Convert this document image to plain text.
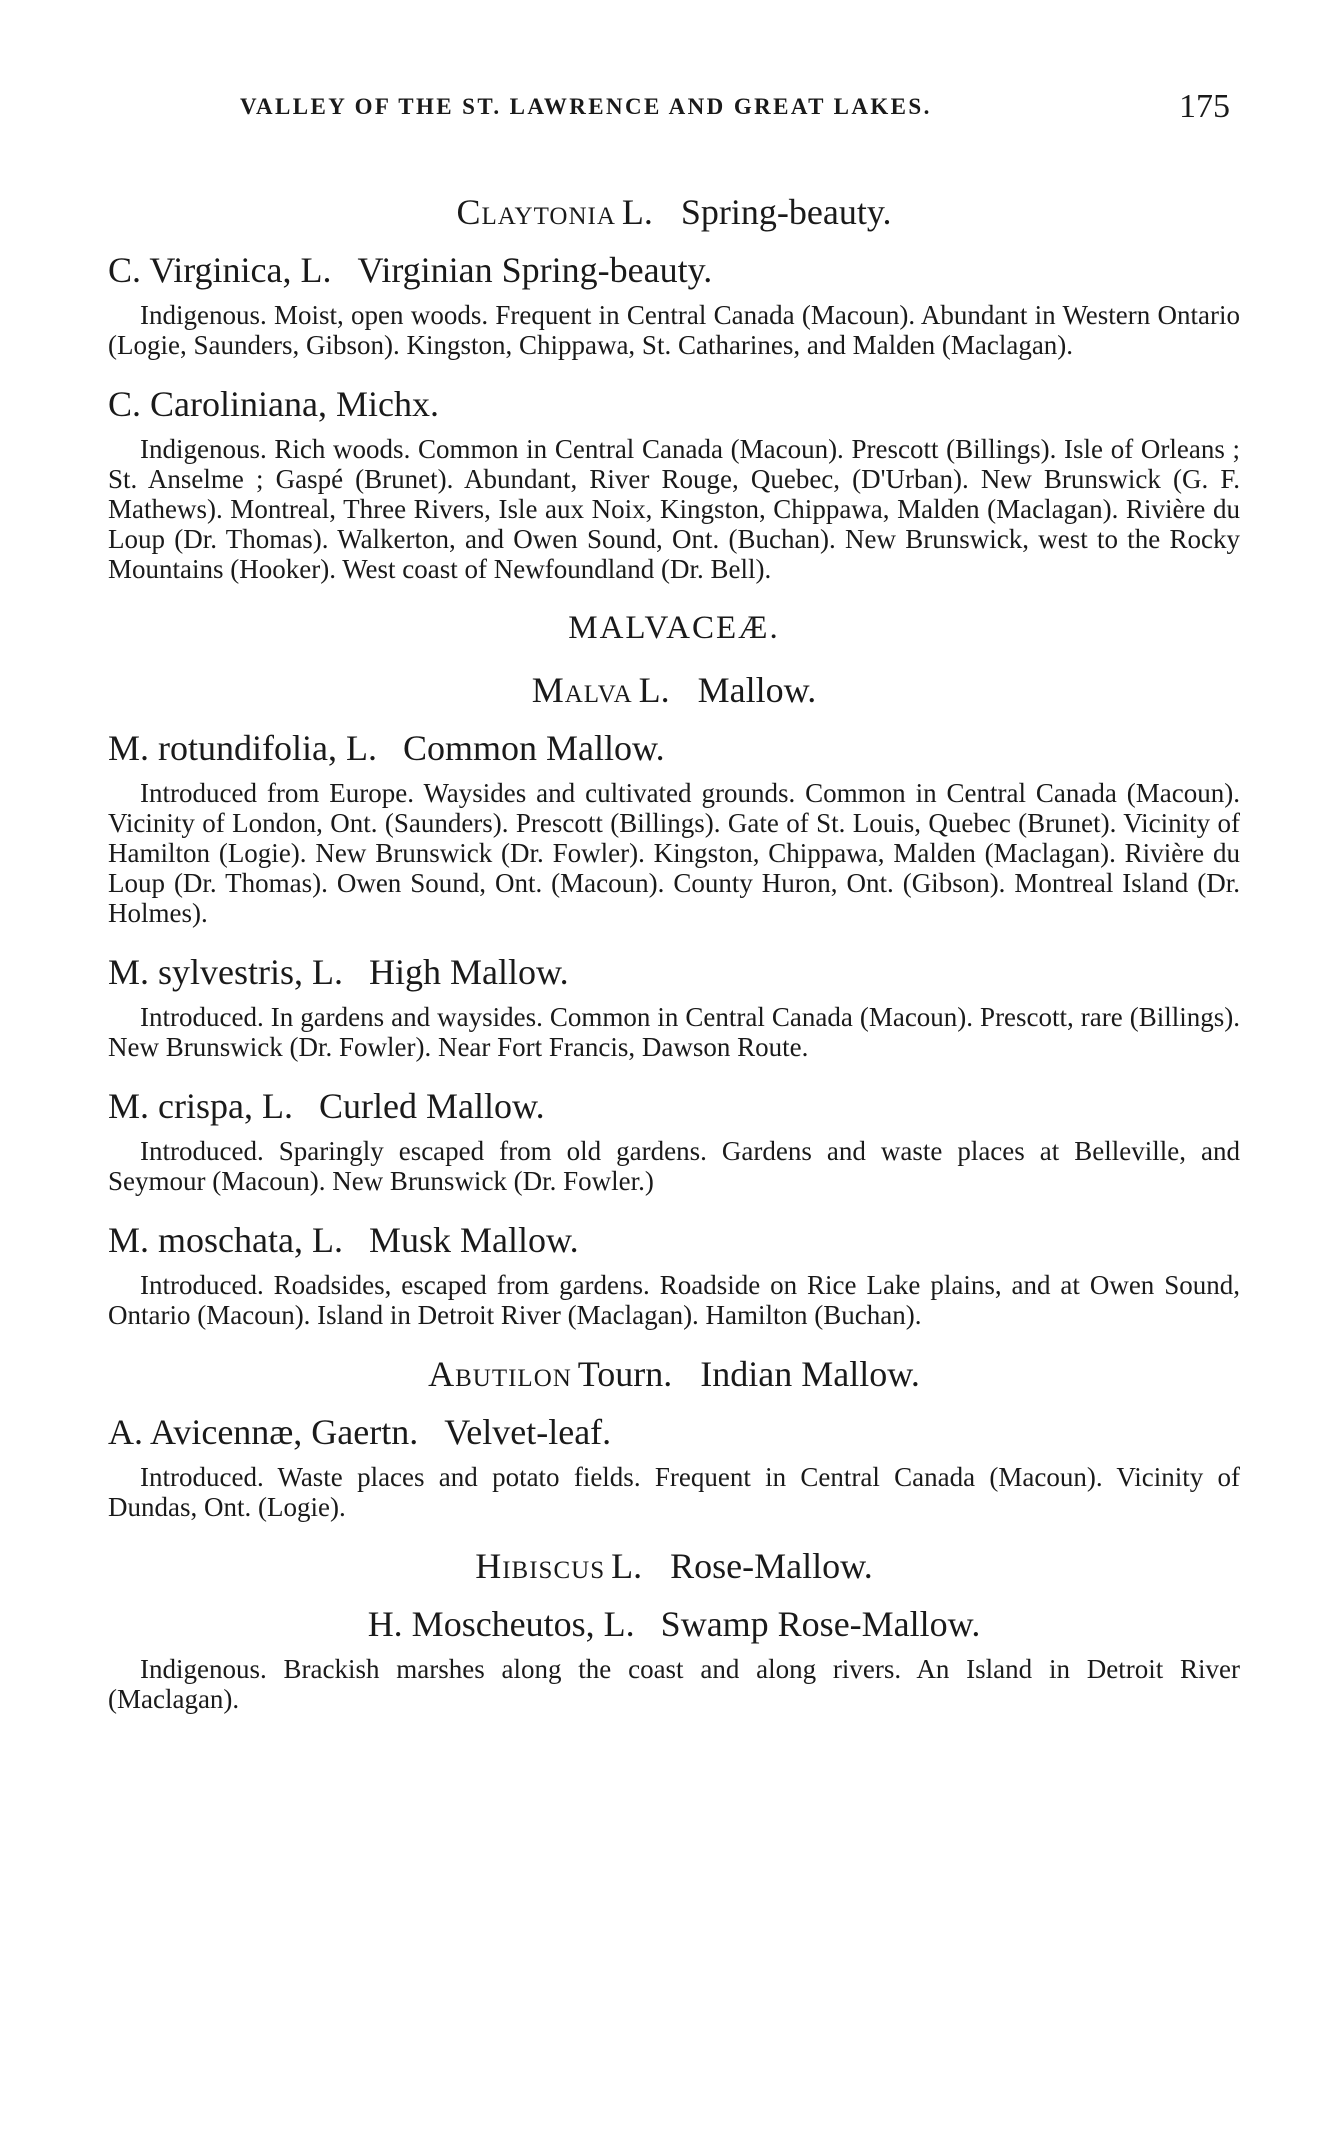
VALLEY OF THE ST. LAWRENCE AND GREAT LAKES.	175
Claytonia L. Spring-beauty.
C. Virginica, L. Virginian Spring-beauty.

Indigenous. Moist, open woods. Frequent in Central Canada (Macoun). Abundant in Western Ontario (Logie, Saunders, Gibson). Kingston, Chippawa, St. Catharines, and Malden (Maclagan).

C. Caroliniana, Michx.

Indigenous. Rich woods. Common in Central Canada (Macoun). Prescott (Billings). Isle of Orleans ; St. Anselme ; Gaspé (Brunet). Abundant, River Rouge, Quebec, (D'Urban). New Brunswick (G. F. Mathews). Montreal, Three Rivers, Isle aux Noix, Kingston, Chippawa, Malden (Maclagan). Rivière du Loup (Dr. Thomas). Walkerton, and Owen Sound, Ont. (Buchan). New Brunswick, west to the Rocky Mountains (Hooker). West coast of Newfoundland (Dr. Bell).

MALVACEÆ.
Malva L. Mallow.
M. rotundifolia, L. Common Mallow.

Introduced from Europe. Waysides and cultivated grounds. Common in Central Canada (Macoun). Vicinity of London, Ont. (Saunders). Prescott (Billings). Gate of St. Louis, Quebec (Brunet). Vicinity of Hamilton (Logie). New Brunswick (Dr. Fowler). Kingston, Chippawa, Malden (Maclagan). Rivière du Loup (Dr. Thomas). Owen Sound, Ont. (Macoun). County Huron, Ont. (Gibson). Montreal Island (Dr. Holmes).

M. sylvestris, L. High Mallow.

Introduced. In gardens and waysides. Common in Central Canada (Macoun). Prescott, rare (Billings). New Brunswick (Dr. Fowler). Near Fort Francis, Dawson Route.

M. crispa, L. Curled Mallow.

Introduced. Sparingly escaped from old gardens. Gardens and waste places at Belleville, and Seymour (Macoun). New Brunswick (Dr. Fowler.)

M. moschata, L. Musk Mallow.

Introduced. Roadsides, escaped from gardens. Roadside on Rice Lake plains, and at Owen Sound, Ontario (Macoun). Island in Detroit River (Maclagan). Hamilton (Buchan).

Abutilon Tourn. Indian Mallow.
A. Avicennæ, Gaertn. Velvet-leaf.

Introduced. Waste places and potato fields. Frequent in Central Canada (Macoun). Vicinity of Dundas, Ont. (Logie).

Hibiscus L. Rose-Mallow.
H. Moscheutos, L. Swamp Rose-Mallow.

Indigenous. Brackish marshes along the coast and along rivers. An Island in Detroit River (Maclagan).
